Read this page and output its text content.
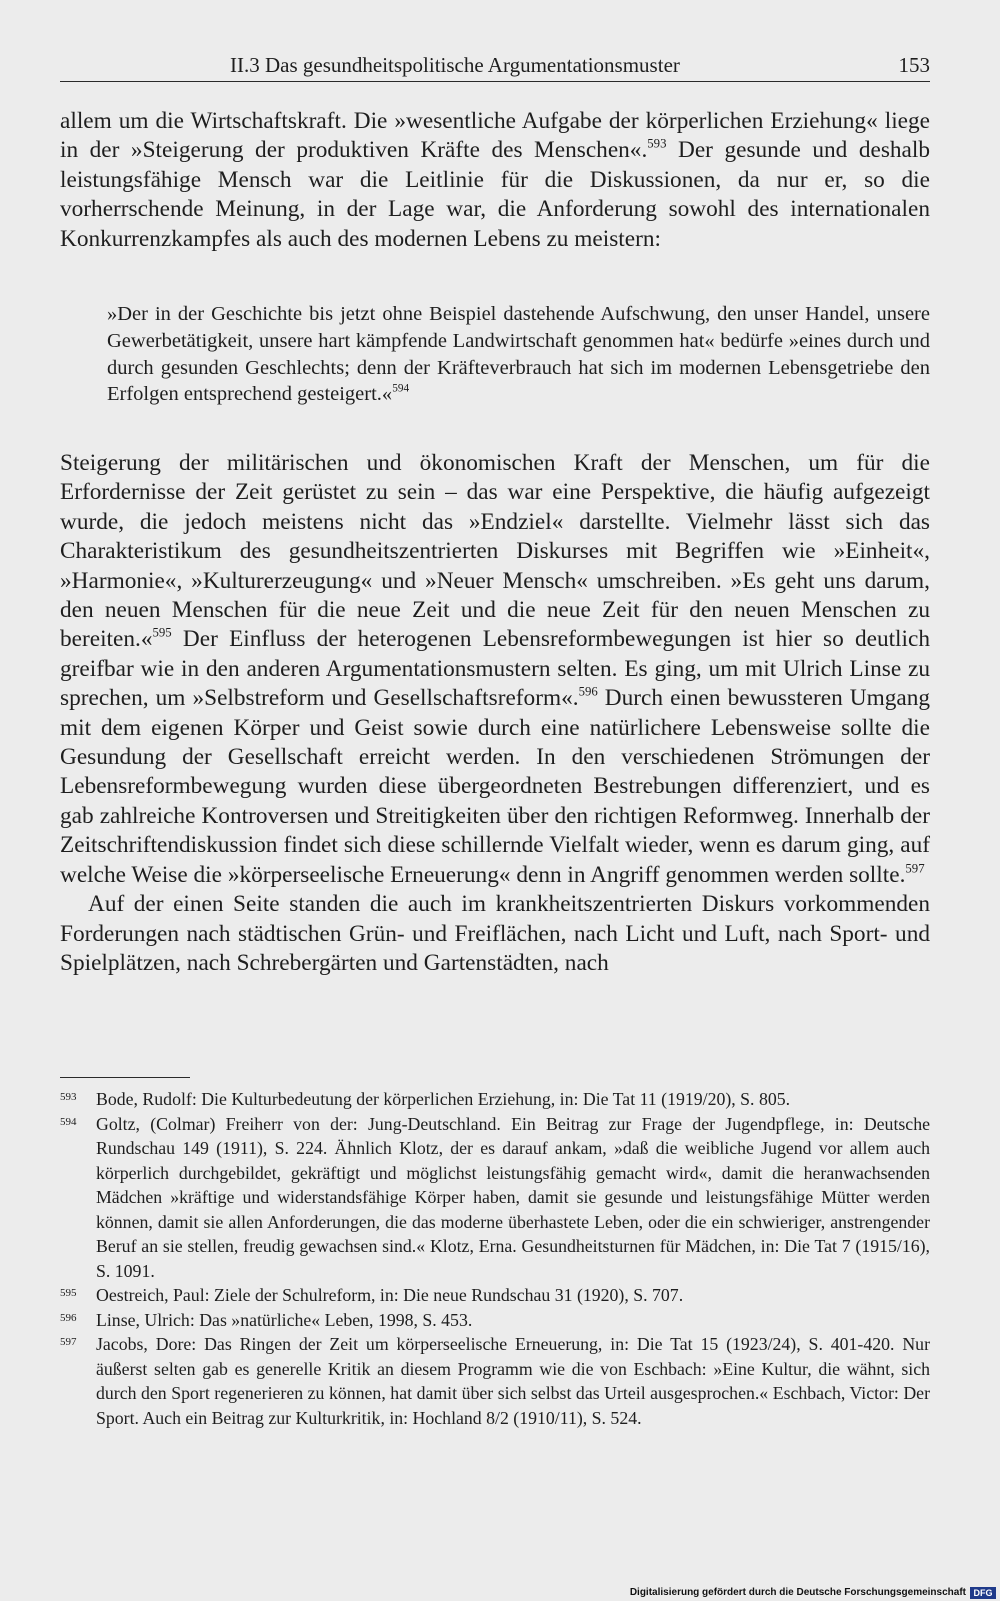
II.3 Das gesundheitspolitische Argumentationsmuster	153

allem um die Wirtschaftskraft. Die »wesentliche Aufgabe der körperlichen Erziehung« liege in der »Steigerung der produktiven Kräfte des Menschen«.$^{593}$ Der gesunde und deshalb leistungsfähige Mensch war die Leitlinie für die Diskussionen, da nur er, so die vorherrschende Meinung, in der Lage war, die Anforderung sowohl des internationalen Konkurrenzkampfes als auch des modernen Lebens zu meistern:

»Der in der Geschichte bis jetzt ohne Beispiel dastehende Aufschwung, den unser Handel, unsere Gewerbetätigkeit, unsere hart kämpfende Landwirtschaft genommen hat« bedürfe »eines durch und durch gesunden Geschlechts; denn der Kräfteverbrauch hat sich im modernen Lebensgetriebe den Erfolgen entsprechend gesteigert.«$^{594}$

Steigerung der militärischen und ökonomischen Kraft der Menschen, um für die Erfordernisse der Zeit gerüstet zu sein – das war eine Perspektive, die häufig aufgezeigt wurde, die jedoch meistens nicht das »Endziel« darstellte. Vielmehr lässt sich das Charakteristikum des gesundheitszentrierten Diskurses mit Begriffen wie »Einheit«, »Harmonie«, »Kulturerzeugung« und »Neuer Mensch« umschreiben. »Es geht uns darum, den neuen Menschen für die neue Zeit und die neue Zeit für den neuen Menschen zu bereiten.«$^{595}$ Der Einfluss der heterogenen Lebensreformbewegungen ist hier so deutlich greifbar wie in den anderen Argumentationsmustern selten. Es ging, um mit Ulrich Linse zu sprechen, um »Selbstreform und Gesellschaftsreform«.$^{596}$ Durch einen bewussteren Umgang mit dem eigenen Körper und Geist sowie durch eine natürlichere Lebensweise sollte die Gesundung der Gesellschaft erreicht werden. In den verschiedenen Strömungen der Lebensreformbewegung wurden diese übergeordneten Bestrebungen differenziert, und es gab zahlreiche Kontroversen und Streitigkeiten über den richtigen Reformweg. Innerhalb der Zeitschriftendiskussion findet sich diese schillernde Vielfalt wieder, wenn es darum ging, auf welche Weise die »körperseelische Erneuerung« denn in Angriff genommen werden sollte.$^{597}$

Auf der einen Seite standen die auch im krankheitszentrierten Diskurs vorkommenden Forderungen nach städtischen Grün- und Freiflächen, nach Licht und Luft, nach Sport- und Spielplätzen, nach Schrebergärten und Gartenstädten, nach

593	Bode, Rudolf: Die Kulturbedeutung der körperlichen Erziehung, in: Die Tat 11 (1919/20), S. 805.
594	Goltz, (Colmar) Freiherr von der: Jung-Deutschland. Ein Beitrag zur Frage der Jugendpflege, in: Deutsche Rundschau 149 (1911), S. 224. Ähnlich Klotz, der es darauf ankam, »daß die weibliche Jugend vor allem auch körperlich durchgebildet, gekräftigt und möglichst leistungsfähig gemacht wird«, damit die heranwachsenden Mädchen »kräftige und widerstandsfähige Körper haben, damit sie gesunde und leistungsfähige Mütter werden können, damit sie allen Anforderungen, die das moderne überhastete Leben, oder die ein schwieriger, anstrengender Beruf an sie stellen, freudig gewachsen sind.« Klotz, Erna. Gesundheitsturnen für Mädchen, in: Die Tat 7 (1915/16), S. 1091.
595	Oestreich, Paul: Ziele der Schulreform, in: Die neue Rundschau 31 (1920), S. 707.
596	Linse, Ulrich: Das »natürliche« Leben, 1998, S. 453.
597	Jacobs, Dore: Das Ringen der Zeit um körperseelische Erneuerung, in: Die Tat 15 (1923/24), S. 401-420. Nur äußerst selten gab es generelle Kritik an diesem Programm wie die von Eschbach: »Eine Kultur, die wähnt, sich durch den Sport regenerieren zu können, hat damit über sich selbst das Urteil ausgesprochen.« Eschbach, Victor: Der Sport. Auch ein Beitrag zur Kulturkritik, in: Hochland 8/2 (1910/11), S. 524.
Digitalisierung gefördert durch die Deutsche Forschungsgemeinschaft DFG
